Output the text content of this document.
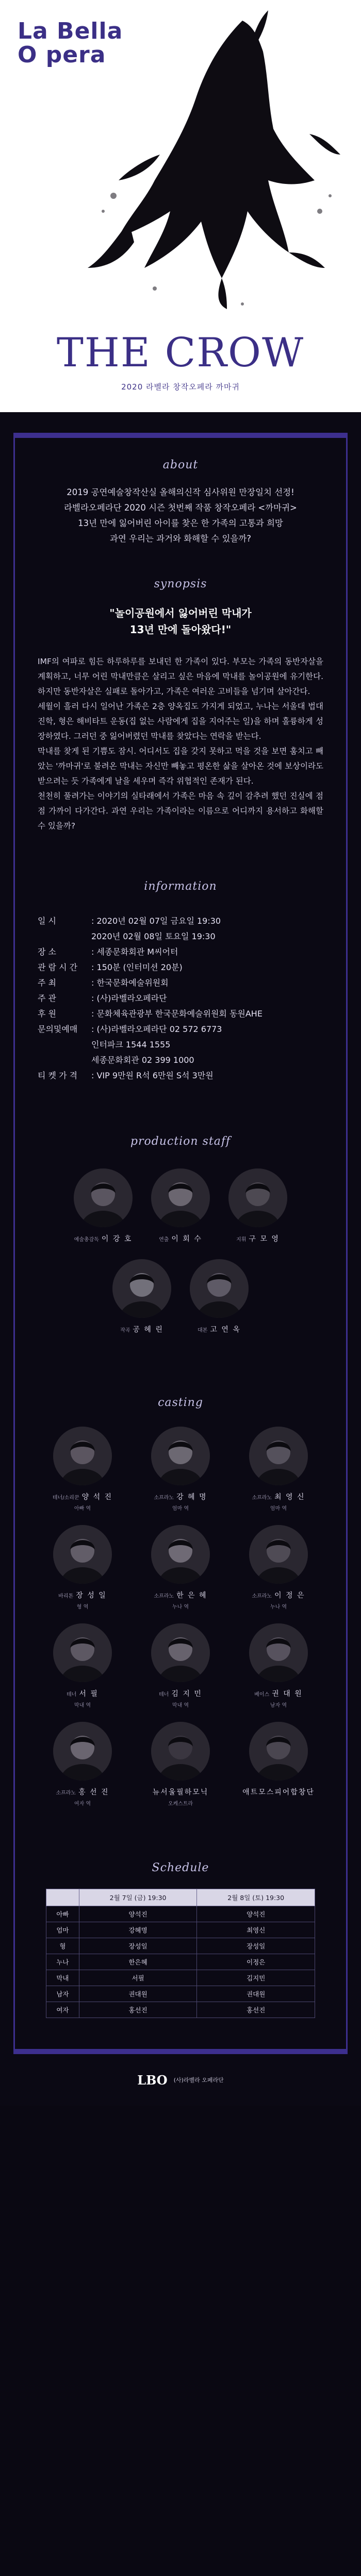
La Bella
O pera
THE CROW
2020 라벨라 창작오페라 까마귀
about

2019 공연예술창작산실 올해의신작 심사위원 만장일치 선정!

라벨라오페라단 2020 시즌 첫번째 작품 창작오페라 <까마귀>

13년 만에 잃어버린 아이를 찾은 한 가족의 고통과 희망

과연 우리는 과거와 화해할 수 있을까?

synopsis
"놀이공원에서 잃어버린 막내가
13년 만에 돌아왔다!"

IMF의 여파로 힘든 하루하루를 보내던 한 가족이 있다. 부모는 가족의 동반자살을 계획하고, 너무 어린 막내만큼은 살리고 싶은 마음에 막내를 놀이공원에 유기한다. 하지만 동반자살은 실패로 돌아가고, 가족은 여러운 고비들을 넘기며 살아간다.

세월이 흘러 다시 일어난 가족은 2층 양옥집도 가지게 되었고, 누나는 서울대 법대 진학, 형은 해비타트 운동(집 없는 사람에게 집을 지어주는 일)을 하며 훌륭하게 성장하였다. 그러던 중 잃어버렸던 막내를 찾았다는 연락을 받는다.

막내를 찾게 된 기쁨도 잠시. 어디서도 집을 갖지 못하고 먹을 것을 보면 훔치고 빼았는 '까마귀'로 불려온 막내는 자신만 빼놓고 평온한 삶을 살아온 것에 보상이라도 받으려는 듯 가족에게 날을 세우며 즉각 위협적인 존재가 된다.

천천히 풀려가는 이야기의 실타래에서 가족은 마음 속 깊이 감추려 했던 진실에 점점 가까이 다가간다. 과연 우리는 가족이라는 이름으로 어디까지 용서하고 화해할 수 있을까?

information
일 시	: 2020년 02월 07일 금요일 19:30
2020년 02월 08일 토요일 19:30
장 소	: 세종문화회관 M씨어터
관 람 시 간	: 150분 (인터미션 20분)
주 최	: 한국문화예술위원회
주 관	: (사)라벨라오페라단
후 원	: 문화체육관광부 한국문화예술위원회 동원AHE
문의및예매	: (사)라벨라오페라단 02 572 6773
인터파크 1544 1555
세종문화회관 02 399 1000
티 켓 가 격	: VIP 9만원 R석 6만원 S석 3만원
production staff
예술총감독 이 강 호	연출 이 회 수	지휘 구 모 영
작곡 공 혜 린	대본 고 연 옥
casting
테너/소리꾼 양 석 진
아빠 역
소프라노 강 혜 명
엄마 역
소프라노 최 영 신
엄마 역
바리톤 장 성 일
형 역
소프라노 한 은 혜
누나 역
소프라노 이 정 은
누나 역
테너 서 필
막내 역
테너 김 지 민
막내 역
베이스 권 대 원
남자 역
소프라노 홍 선 진
여자 역
뉴서울필하모닉
오케스트라
애트모스피어합창단
Schedule
	2월 7일 (금) 19:30	2월 8일 (토) 19:30
아빠	양석진	양석진
엄마	강혜명	최영신
형	장성일	장성일
누나	한은혜	이정은
막내	서필	김지민
남자	권대원	권대원
여자	홍선진	홍선진
LBO (사)라벨라 오페라단
